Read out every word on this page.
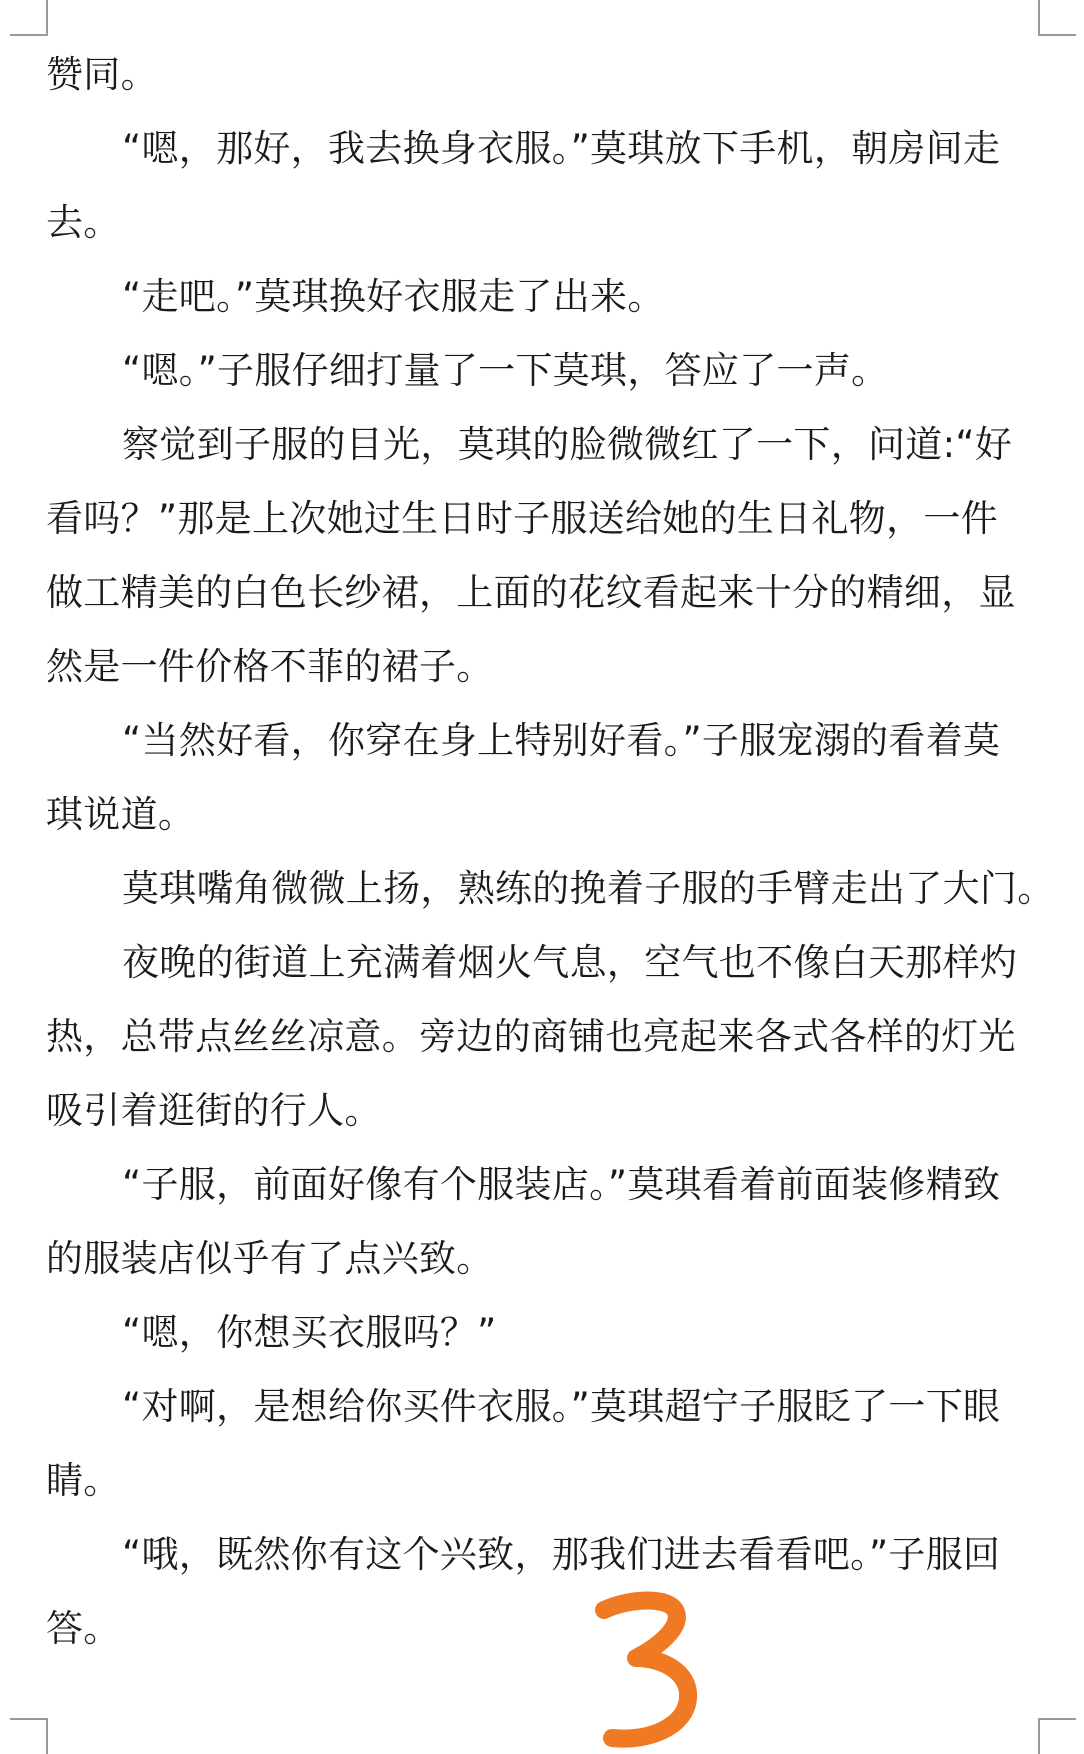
赞同。
“嗯，那好，我去换身衣服。”莫琪放下手机，朝房间走
去。
“走吧。”莫琪换好衣服走了出来。
“嗯。”子服仔细打量了一下莫琪，答应了一声。
察觉到子服的目光，莫琪的脸微微红了一下，问道:“好
看吗？”那是上次她过生日时子服送给她的生日礼物，一件
做工精美的白色长纱裙，上面的花纹看起来十分的精细，显
然是一件价格不菲的裙子。
“当然好看，你穿在身上特别好看。”子服宠溺的看着莫
琪说道。
莫琪嘴角微微上扬，熟练的挽着子服的手臂走出了大门。
夜晚的街道上充满着烟火气息，空气也不像白天那样灼
热，总带点丝丝凉意。旁边的商铺也亮起来各式各样的灯光
吸引着逛街的行人。
“子服，前面好像有个服装店。”莫琪看着前面装修精致
的服装店似乎有了点兴致。
“嗯，你想买衣服吗？”
“对啊，是想给你买件衣服。”莫琪超宁子服眨了一下眼
睛。
“哦，既然你有这个兴致，那我们进去看看吧。”子服回
答。
